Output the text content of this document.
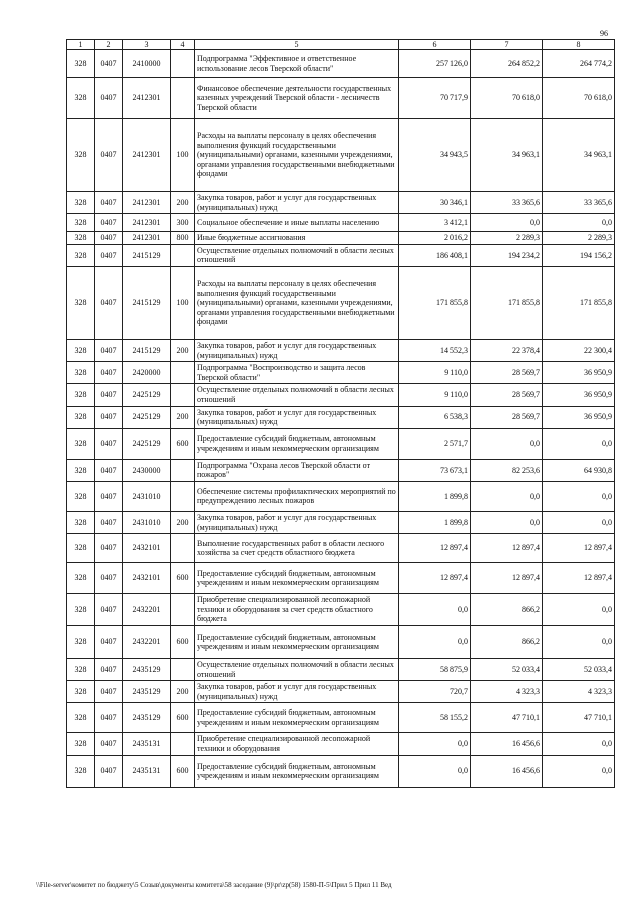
96
1	2	3	4	5	6	7	8
328	0407	2410000		Подпрограмма "Эффективное и ответственное использование лесов Тверской области"	257 126,0	264 852,2	264 774,2
328	0407	2412301		Финансовое обеспечение деятельности государственных казенных учреждений Тверской области - лесничеств Тверской области	70 717,9	70 618,0	70 618,0
328	0407	2412301	100	Расходы на выплаты персоналу в целях обеспечения выполнения функций государственными (муниципальными) органами, казенными учреждениями, органами управления государственными внебюджетными фондами	34 943,5	34 963,1	34 963,1
328	0407	2412301	200	Закупка товаров, работ и услуг для государственных (муниципальных) нужд	30 346,1	33 365,6	33 365,6
328	0407	2412301	300	Социальное обеспечение и иные выплаты населению	3 412,1	0,0	0,0
328	0407	2412301	800	Иные бюджетные ассигнования	2 016,2	2 289,3	2 289,3
328	0407	2415129		Осуществление отдельных полномочий в области лесных отношений	186 408,1	194 234,2	194 156,2
328	0407	2415129	100	Расходы на выплаты персоналу в целях обеспечения выполнения функций государственными (муниципальными) органами, казенными учреждениями, органами управления государственными внебюджетными фондами	171 855,8	171 855,8	171 855,8
328	0407	2415129	200	Закупка товаров, работ и услуг для государственных (муниципальных) нужд	14 552,3	22 378,4	22 300,4
328	0407	2420000		Подпрограмма "Воспроизводство и защита лесов Тверской области"	9 110,0	28 569,7	36 950,9
328	0407	2425129		Осуществление отдельных полномочий в области лесных отношений	9 110,0	28 569,7	36 950,9
328	0407	2425129	200	Закупка товаров, работ и услуг для государственных (муниципальных) нужд	6 538,3	28 569,7	36 950,9
328	0407	2425129	600	Предоставление субсидий бюджетным, автономным учреждениям и иным некоммерческим организациям	2 571,7	0,0	0,0
328	0407	2430000		Подпрограмма "Охрана лесов Тверской области от пожаров"	73 673,1	82 253,6	64 930,8
328	0407	2431010		Обеспечение системы профилактических мероприятий по предупреждению лесных пожаров	1 899,8	0,0	0,0
328	0407	2431010	200	Закупка товаров, работ и услуг для государственных (муниципальных) нужд	1 899,8	0,0	0,0
328	0407	2432101		Выполнение государственных работ в области лесного хозяйства за счет средств областного бюджета	12 897,4	12 897,4	12 897,4
328	0407	2432101	600	Предоставление субсидий бюджетным, автономным учреждениям и иным некоммерческим организациям	12 897,4	12 897,4	12 897,4
328	0407	2432201		Приобретение специализированной лесопожарной техники и оборудования за счет средств областного бюджета	0,0	866,2	0,0
328	0407	2432201	600	Предоставление субсидий бюджетным, автономным учреждениям и иным некоммерческим организациям	0,0	866,2	0,0
328	0407	2435129		Осуществление отдельных полномочий в области лесных отношений	58 875,9	52 033,4	52 033,4
328	0407	2435129	200	Закупка товаров, работ и услуг для государственных (муниципальных) нужд	720,7	4 323,3	4 323,3
328	0407	2435129	600	Предоставление субсидий бюджетным, автономным учреждениям и иным некоммерческим организациям	58 155,2	47 710,1	47 710,1
328	0407	2435131		Приобретение специализированной лесопожарной техники и оборудования	0,0	16 456,6	0,0
328	0407	2435131	600	Предоставление субсидий бюджетным, автономным учреждениям и иным некоммерческим организациям	0,0	16 456,6	0,0
\\File-server\комитет по бюджету\5 Созыв\документы комитета\58 заседание (9)\pr\zp(58) 1580-П-5\Прил 5 Прил 11 Вед
